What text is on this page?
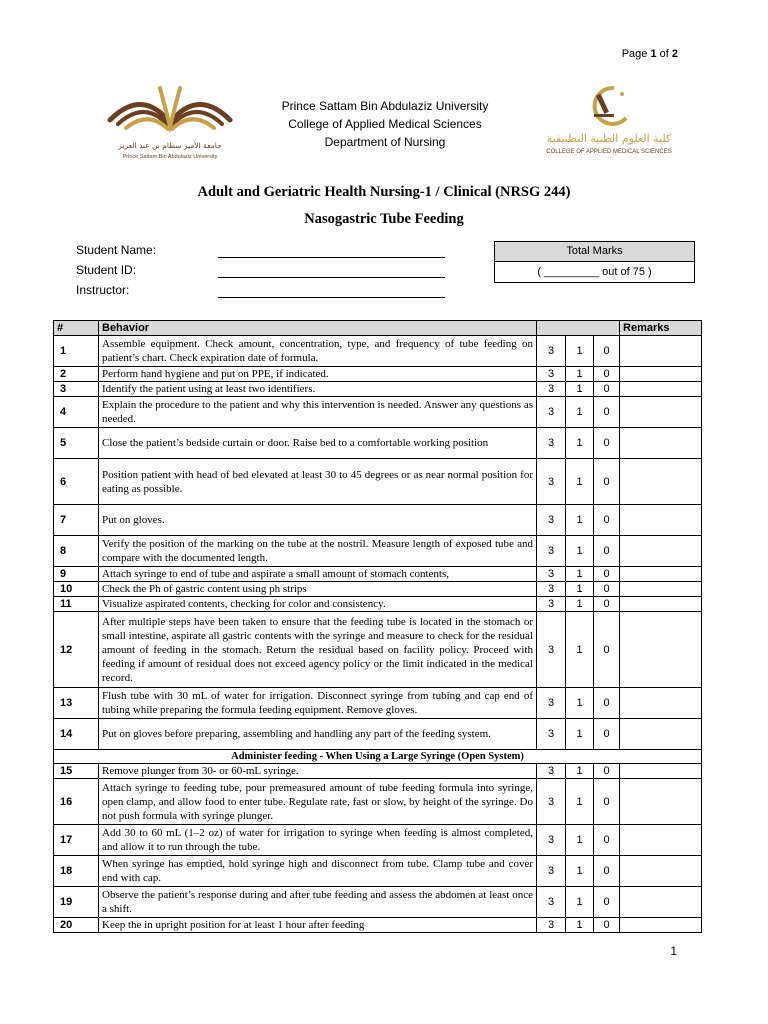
Page 1 of 2
جامعة الأمير سطام بن عبد العزيز
Prince Sattam Bin Abdulaziz University
Prince Sattam Bin Abdulaziz University
College of Applied Medical Sciences
Department of Nursing	كلية العلوم الطبية التطبيقية
COLLEGE OF APPLIED MEDICAL SCIENCES
Adult and Geriatric Health Nursing-1 / Clinical (NRSG 244)
Nasogastric Tube Feeding
Student Name:
Student ID:
Instructor:
Total Marks
( _________ out of 75 )
#	Behavior				Remarks
1	Assemble equipment. Check amount, concentration, type, and frequency of tube feeding on patient’s chart. Check expiration date of formula.	3	1	0	
2	Perform hand hygiene and put on PPE, if indicated.	3	1	0	
3	Identify the patient using at least two identifiers.	3	1	0	
4	Explain the procedure to the patient and why this intervention is needed. Answer any questions as needed.	3	1	0	
5	Close the patient’s bedside curtain or door. Raise bed to a comfortable working position	3	1	0	
6	Position patient with head of bed elevated at least 30 to 45 degrees or as near normal position for eating as possible.	3	1	0	
7	Put on gloves.	3	1	0	
8	Verify the position of the marking on the tube at the nostril. Measure length of exposed tube and compare with the documented length.	3	1	0	
9	Attach syringe to end of tube and aspirate a small amount of stomach contents,	3	1	0	
10	Check the Ph of gastric content using ph strips	3	1	0	
11	Visualize aspirated contents, checking for color and consistency.	3	1	0	
12	After multiple steps have been taken to ensure that the feeding tube is located in the stomach or small intestine, aspirate all gastric contents with the syringe and measure to check for the residual amount of feeding in the stomach. Return the residual based on facility policy. Proceed with feeding if amount of residual does not exceed agency policy or the limit indicated in the medical record.	3	1	0	
13	Flush tube with 30 mL of water for irrigation. Disconnect syringe from tubing and cap end of tubing while preparing the formula feeding equipment. Remove gloves.	3	1	0	
14	Put on gloves before preparing, assembling and handling any part of the feeding system.	3	1	0	
Administer feeding - When Using a Large Syringe (Open System)					
15	Remove plunger from 30- or 60-mL syringe.	3	1	0	
16	Attach syringe to feeding tube, pour premeasured amount of tube feeding formula into syringe, open clamp, and allow food to enter tube. Regulate rate, fast or slow, by height of the syringe. Do not push formula with syringe plunger.	3	1	0	
17	Add 30 to 60 mL (1–2 oz) of water for irrigation to syringe when feeding is almost completed, and allow it to run through the tube.	3	1	0	
18	When syringe has emptied, hold syringe high and disconnect from tube. Clamp tube and cover end with cap.	3	1	0	
19	Observe the patient’s response during and after tube feeding and assess the abdomen at least once a shift.	3	1	0	
20	Keep the in upright position for at least 1 hour after feeding	3	1	0	
1
